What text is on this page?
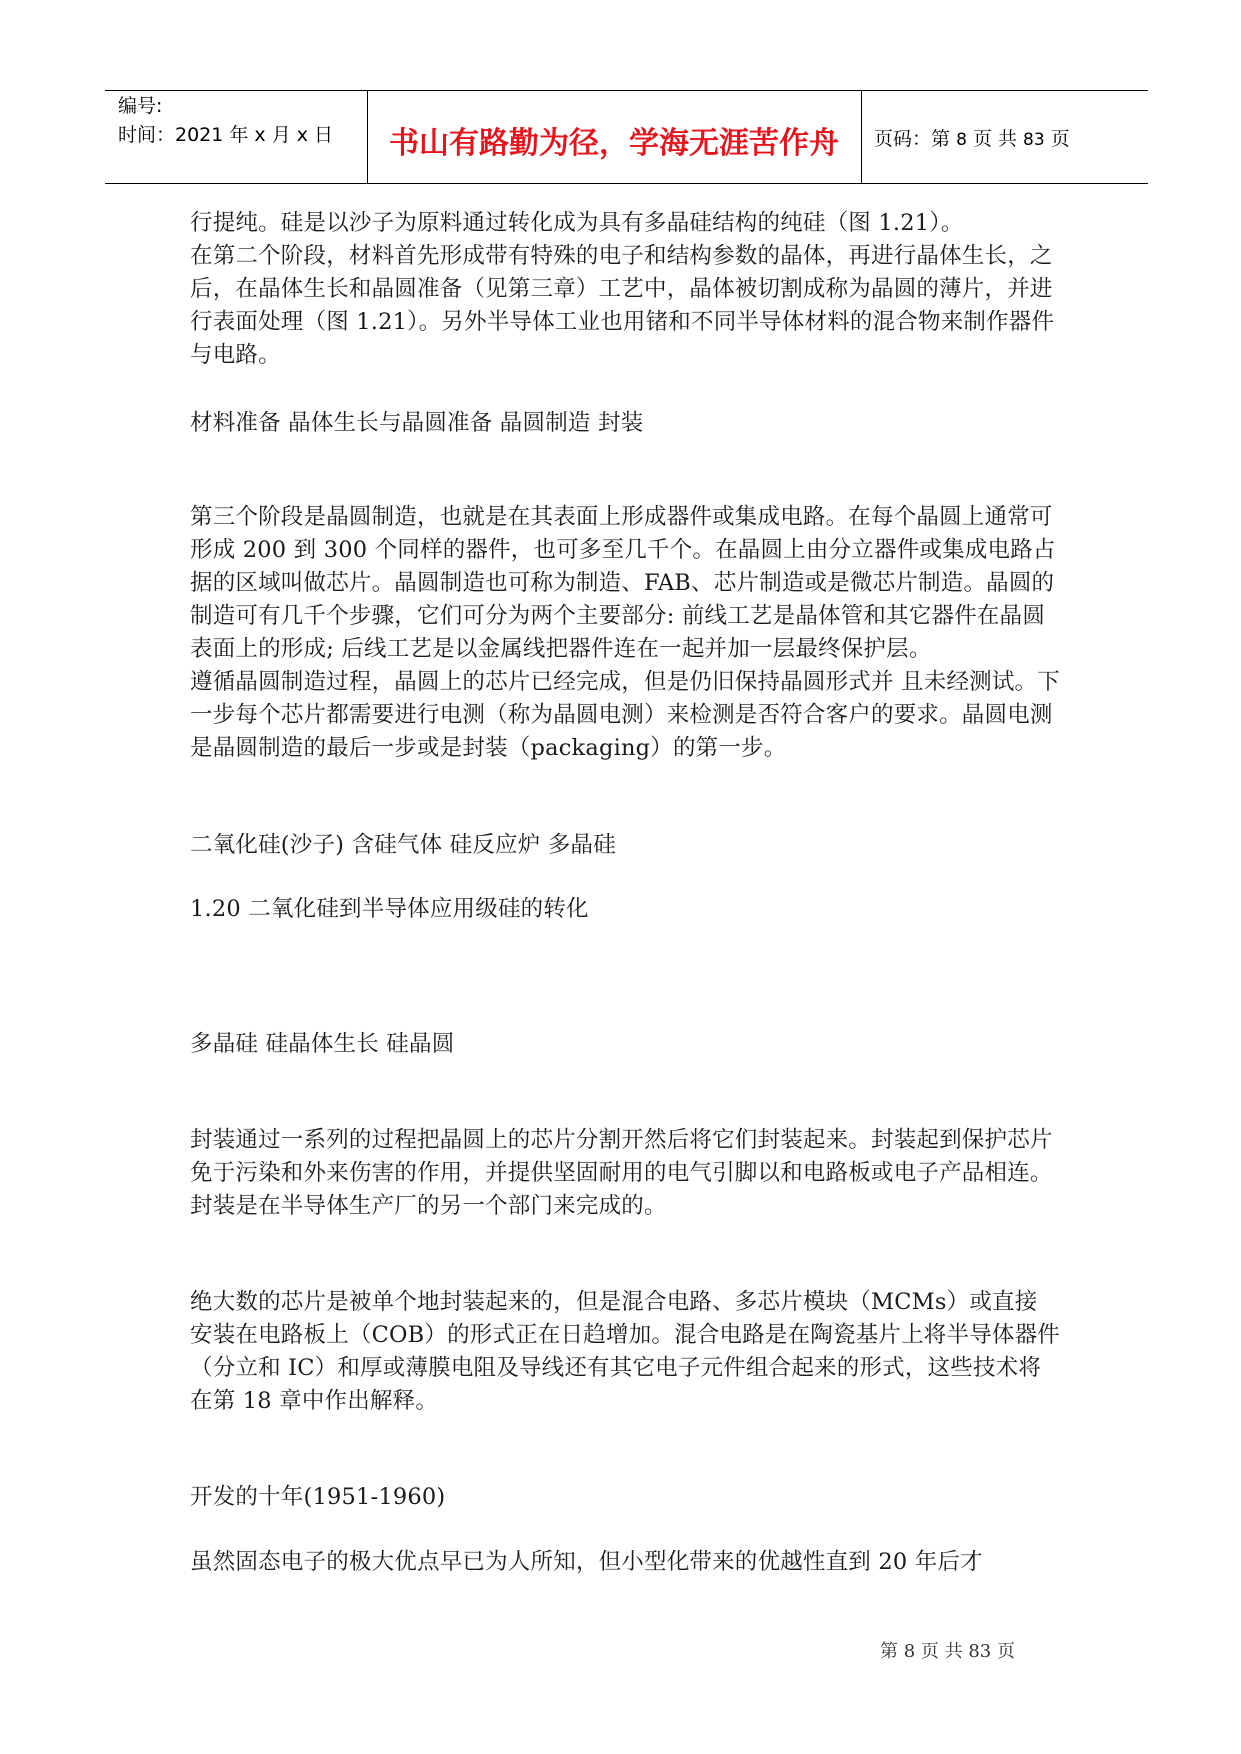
编号:
时间：2021 年 x 月 x 日	书山有路勤为径，学海无涯苦作舟	页码：第 8 页 共 83 页

行提纯。硅是以沙子为原料通过转化成为具有多晶硅结构的纯硅（图 1.21）。

在第二个阶段，材料首先形成带有特殊的电子和结构参数的晶体，再进行晶体生长，之后，在晶体生长和晶圆准备（见第三章）工艺中，晶体被切割成称为晶圆的薄片，并进行表面处理（图 1.21）。另外半导体工业也用锗和不同半导体材料的混合物来制作器件与电路。

材料准备 晶体生长与晶圆准备 晶圆制造 封装

第三个阶段是晶圆制造，也就是在其表面上形成器件或集成电路。在每个晶圆上通常可形成 200 到 300 个同样的器件，也可多至几千个。在晶圆上由分立器件或集成电路占据的区域叫做芯片。晶圆制造也可称为制造、FAB、芯片制造或是微芯片制造。晶圆的制造可有几千个步骤，它们可分为两个主要部分: 前线工艺是晶体管和其它器件在晶圆表面上的形成; 后线工艺是以金属线把器件连在一起并加一层最终保护层。

遵循晶圆制造过程，晶圆上的芯片已经完成，但是仍旧保持晶圆形式并 且未经测试。下一步每个芯片都需要进行电测（称为晶圆电测）来检测是否符合客户的要求。晶圆电测是晶圆制造的最后一步或是封装（packaging）的第一步。

二氧化硅(沙子) 含硅气体 硅反应炉 多晶硅
1.20 二氧化硅到半导体应用级硅的转化
多晶硅 硅晶体生长 硅晶圆
封装通过一系列的过程把晶圆上的芯片分割开然后将它们封装起来。封装起到保护芯片免于污染和外来伤害的作用，并提供坚固耐用的电气引脚以和电路板或电子产品相连。封装是在半导体生产厂的另一个部门来完成的。
绝大数的芯片是被单个地封装起来的，但是混合电路、多芯片模块（MCMs）或直接安装在电路板上（COB）的形式正在日趋增加。混合电路是在陶瓷基片上将半导体器件（分立和 IC）和厚或薄膜电阻及导线还有其它电子元件组合起来的形式，这些技术将在第 18 章中作出解释。
开发的十年(1951-1960)
虽然固态电子的极大优点早已为人所知，但小型化带来的优越性直到 20 年后才
第 8 页 共 83 页
